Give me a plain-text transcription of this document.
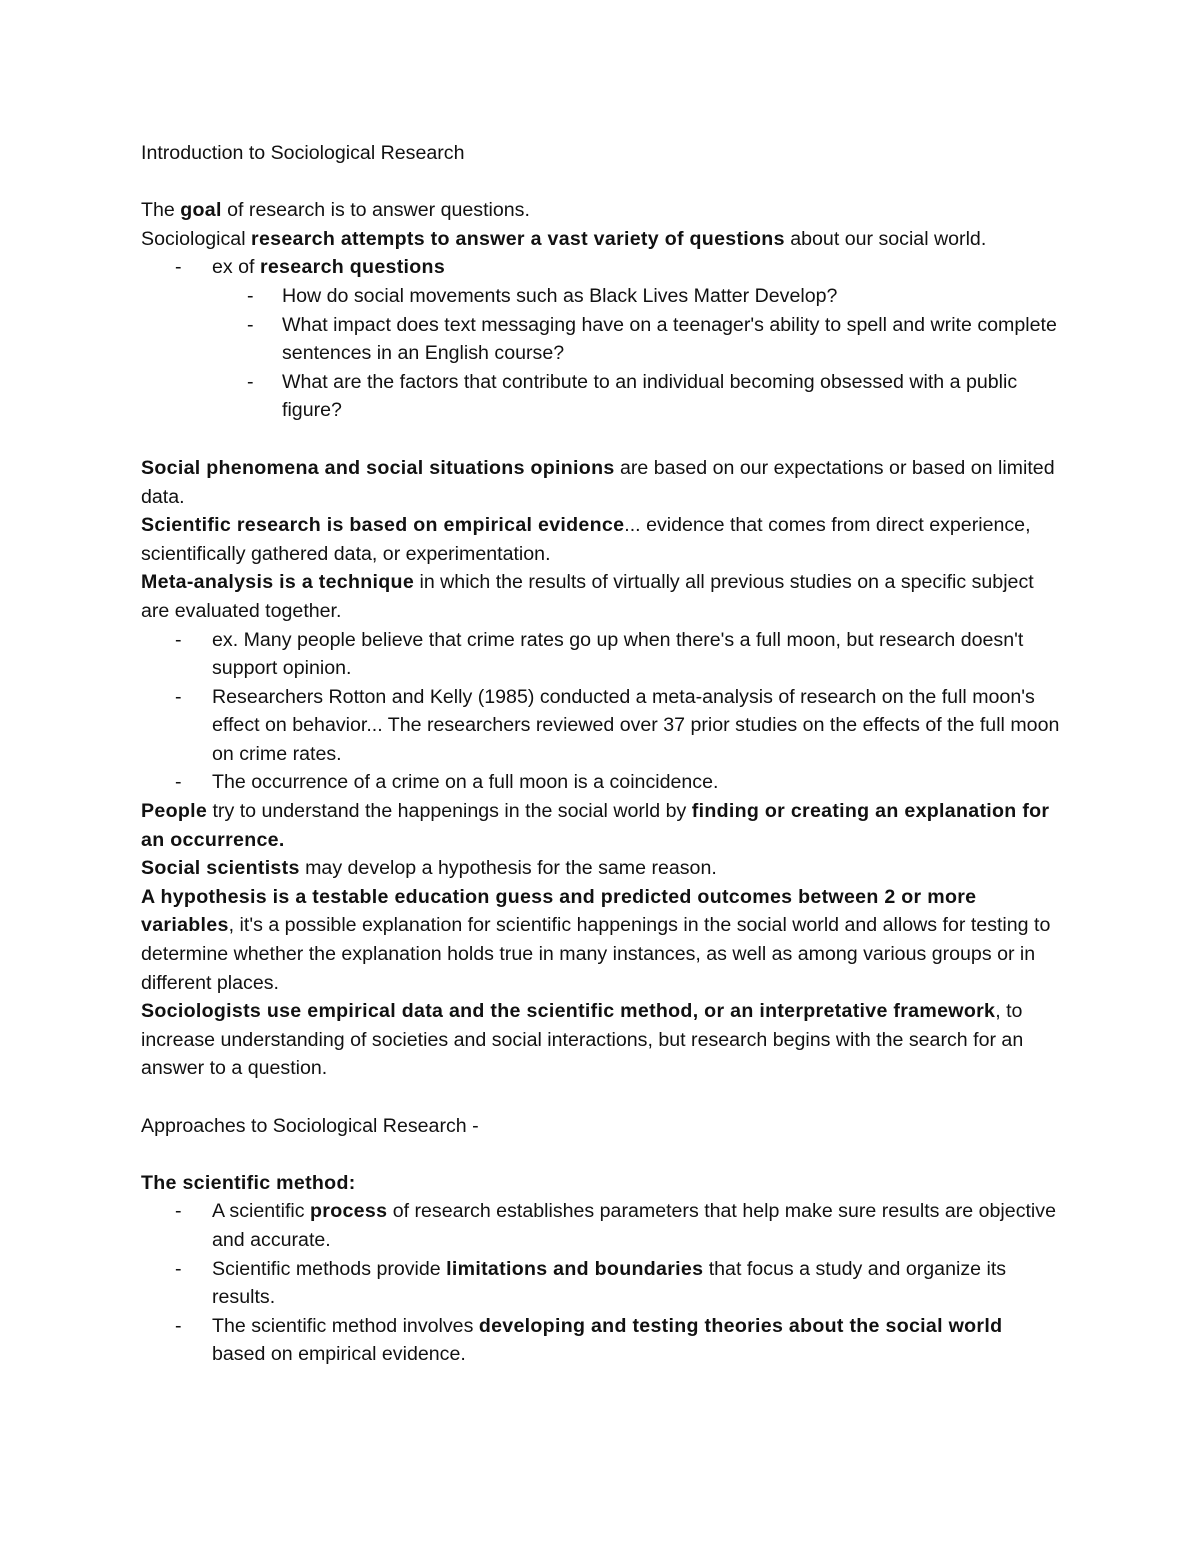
Introduction to Sociological Research

The goal of research is to answer questions.

Sociological research attempts to answer a vast variety of questions about our social world.

- ex of research questions
- How do social movements such as Black Lives Matter Develop?
- What impact does text messaging have on a teenager's ability to spell and write complete sentences in an English course?
- What are the factors that contribute to an individual becoming obsessed with a public figure?

Social phenomena and social situations opinions are based on our expectations or based on limited data.

Scientific research is based on empirical evidence... evidence that comes from direct experience, scientifically gathered data, or experimentation.

Meta-analysis is a technique in which the results of virtually all previous studies on a specific subject are evaluated together.

- ex. Many people believe that crime rates go up when there's a full moon, but research doesn't support opinion.
- Researchers Rotton and Kelly (1985) conducted a meta-analysis of research on the full moon's effect on behavior... The researchers reviewed over 37 prior studies on the effects of the full moon on crime rates.
- The occurrence of a crime on a full moon is a coincidence.

People try to understand the happenings in the social world by finding or creating an explanation for an occurrence.

Social scientists may develop a hypothesis for the same reason.

A hypothesis is a testable education guess and predicted outcomes between 2 or more variables, it's a possible explanation for scientific happenings in the social world and allows for testing to determine whether the explanation holds true in many instances, as well as among various groups or in different places.

Sociologists use empirical data and the scientific method, or an interpretative framework, to increase understanding of societies and social interactions, but research begins with the search for an answer to a question.

Approaches to Sociological Research -

The scientific method:

- A scientific process of research establishes parameters that help make sure results are objective and accurate.
- Scientific methods provide limitations and boundaries that focus a study and organize its results.
- The scientific method involves developing and testing theories about the social world based on empirical evidence.
